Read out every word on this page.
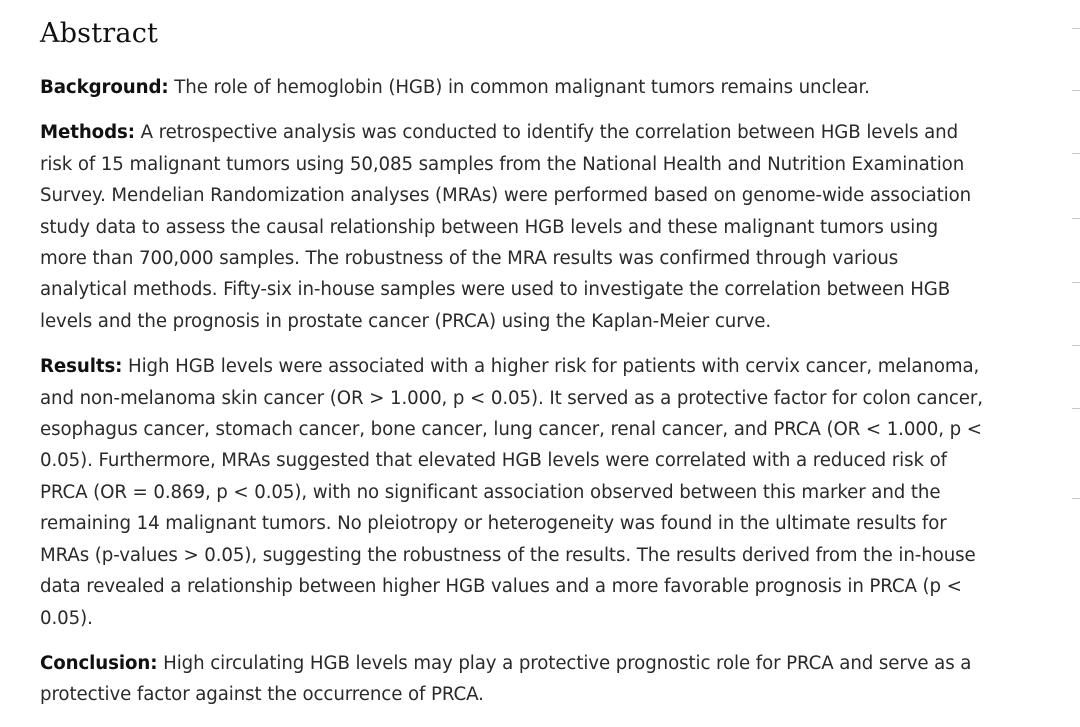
Abstract

Background: The role of hemoglobin (HGB) in common malignant tumors remains unclear.

Methods: A retrospective analysis was conducted to identify the correlation between HGB levels and risk of 15 malignant tumors using 50,085 samples from the National Health and Nutrition Examination Survey. Mendelian Randomization analyses (MRAs) were performed based on genome-wide association study data to assess the causal relationship between HGB levels and these malignant tumors using more than 700,000 samples. The robustness of the MRA results was confirmed through various analytical methods. Fifty-six in-house samples were used to investigate the correlation between HGB levels and the prognosis in prostate cancer (PRCA) using the Kaplan-Meier curve.

Results: High HGB levels were associated with a higher risk for patients with cervix cancer, melanoma, and non-melanoma skin cancer (OR > 1.000, p < 0.05). It served as a protective factor for colon cancer, esophagus cancer, stomach cancer, bone cancer, lung cancer, renal cancer, and PRCA (OR < 1.000, p < 0.05). Furthermore, MRAs suggested that elevated HGB levels were correlated with a reduced risk of PRCA (OR = 0.869, p < 0.05), with no significant association observed between this marker and the remaining 14 malignant tumors. No pleiotropy or heterogeneity was found in the ultimate results for MRAs (p-values > 0.05), suggesting the robustness of the results. The results derived from the in-house data revealed a relationship between higher HGB values and a more favorable prognosis in PRCA (p < 0.05).

Conclusion: High circulating HGB levels may play a protective prognostic role for PRCA and serve as a protective factor against the occurrence of PRCA.
